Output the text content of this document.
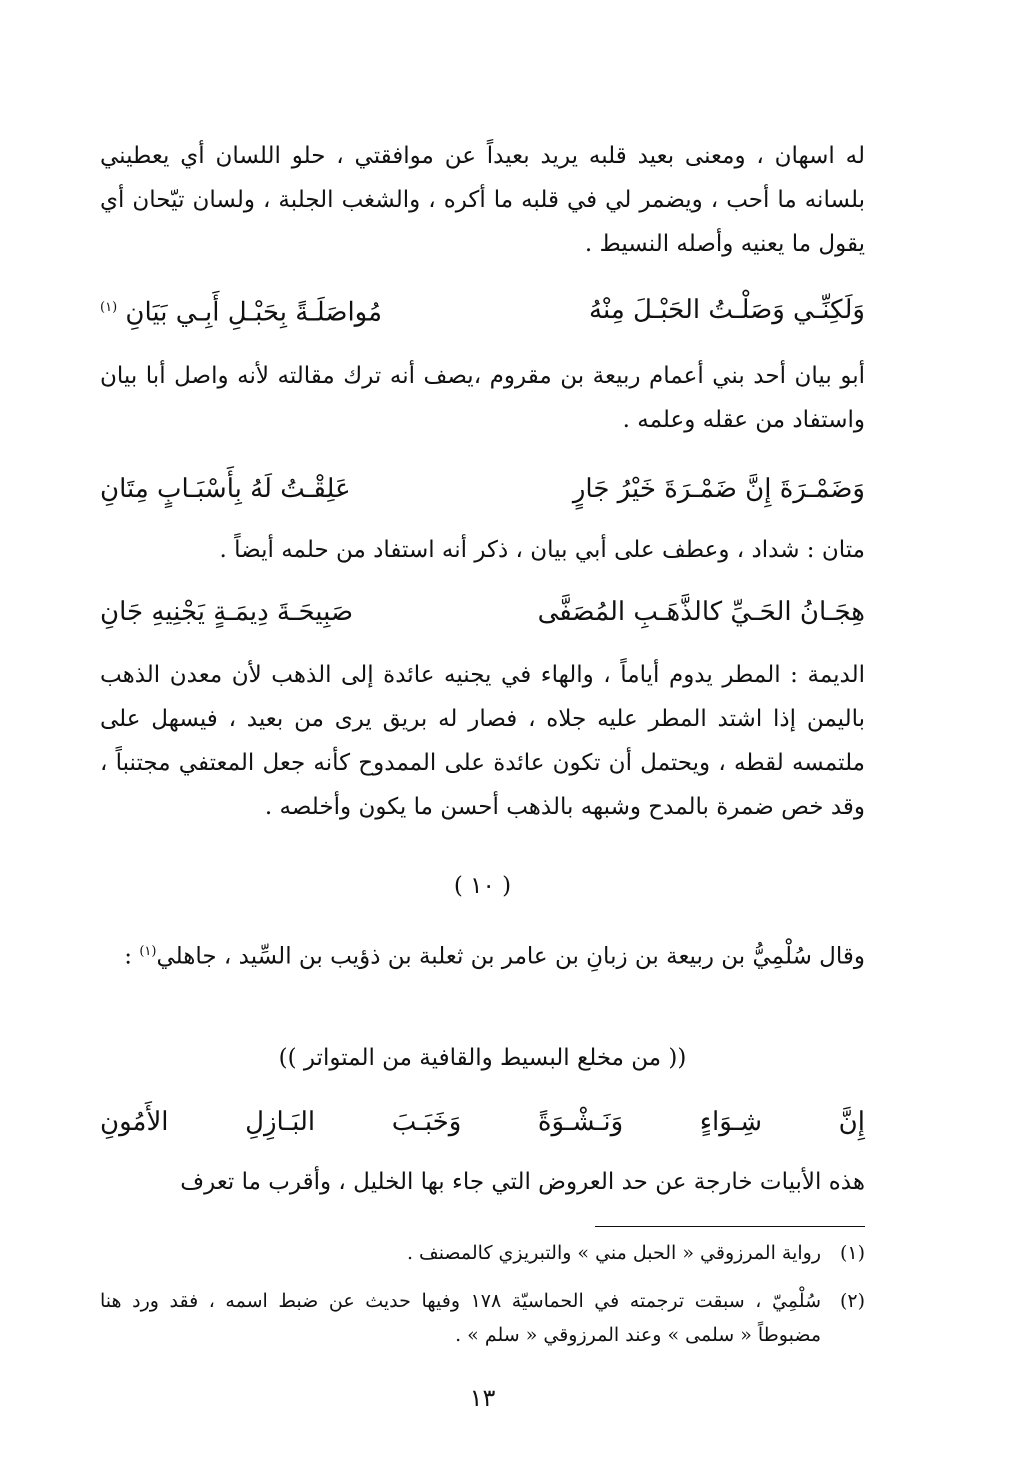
له اسهان ، ومعنى بعيد قلبه يريد بعيداً عن موافقتي ، حلو اللسان أي يعطيني بلسانه ما أحب ، ويضمر لي في قلبه ما أكره ، والشغب الجلبة ، ولسان تيّحان أي يقول ما يعنيه وأصله النسيط .

وَلَكِنِّـي وَصَلْـتُ الحَبْـلَ مِنْهُ
مُواصَلَـةً بِحَبْـلِ أَبِـي بَيَانِ $^{(١)}$

أبو بيان أحد بني أعمام ربيعة بن مقروم ،يصف أنه ترك مقالته لأنه واصل أبا بيان واستفاد من عقله وعلمه .

وَضَمْـرَةَ إِنَّ ضَمْـرَةَ خَيْرُ جَارٍ
عَلِقْـتُ لَهُ بِأَسْبَـابٍ مِتَانِ

متان : شداد ، وعطف على أبي بيان ، ذكر أنه استفاد من حلمه أيضاً .

هِجَـانُ الحَـيِّ كالذَّهَـبِ المُصَفَّى
صَبِيحَـةَ دِيمَـةٍ يَجْنِيهِ جَانِ

الديمة : المطر يدوم أياماً ، والهاء في يجنيه عائدة إلى الذهب لأن معدن الذهب باليمن إذا اشتد المطر عليه جلاه ، فصار له بريق يرى من بعيد ، فيسهل على ملتمسه لقطه ، ويحتمل أن تكون عائدة على الممدوح كأنه جعل المعتفي مجتنباً ، وقد خص ضمرة بالمدح وشبهه بالذهب أحسن ما يكون وأخلصه .

( ١٠ )

وقال سُلْمِيُّ بن ربيعة بن زبانِ بن عامر بن ثعلبة بن ذؤيب بن السِّيد ، جاهلي$^{(١)}$ :

(( من مخلع البسيط والقافية من المتواتر ))
إِنَّ
شِـوَاءٍ
وَنَـشْـوَةً
وَخَبَـبَ
البَـازِلِ
الأَمُونِ

هذه الأبيات خارجة عن حد العروض التي جاء بها الخليل ، وأقرب ما تعرف

(١)
رواية المرزوقي « الحبل مني » والتبريزي كالمصنف .
(٢)
سُلْمِيّ ، سبقت ترجمته في الحماسيّة ١٧٨ وفيها حديث عن ضبط اسمه ، فقد ورد هنا مضبوطاً « سلمى » وعند المرزوقي « سلم » .
١٣
